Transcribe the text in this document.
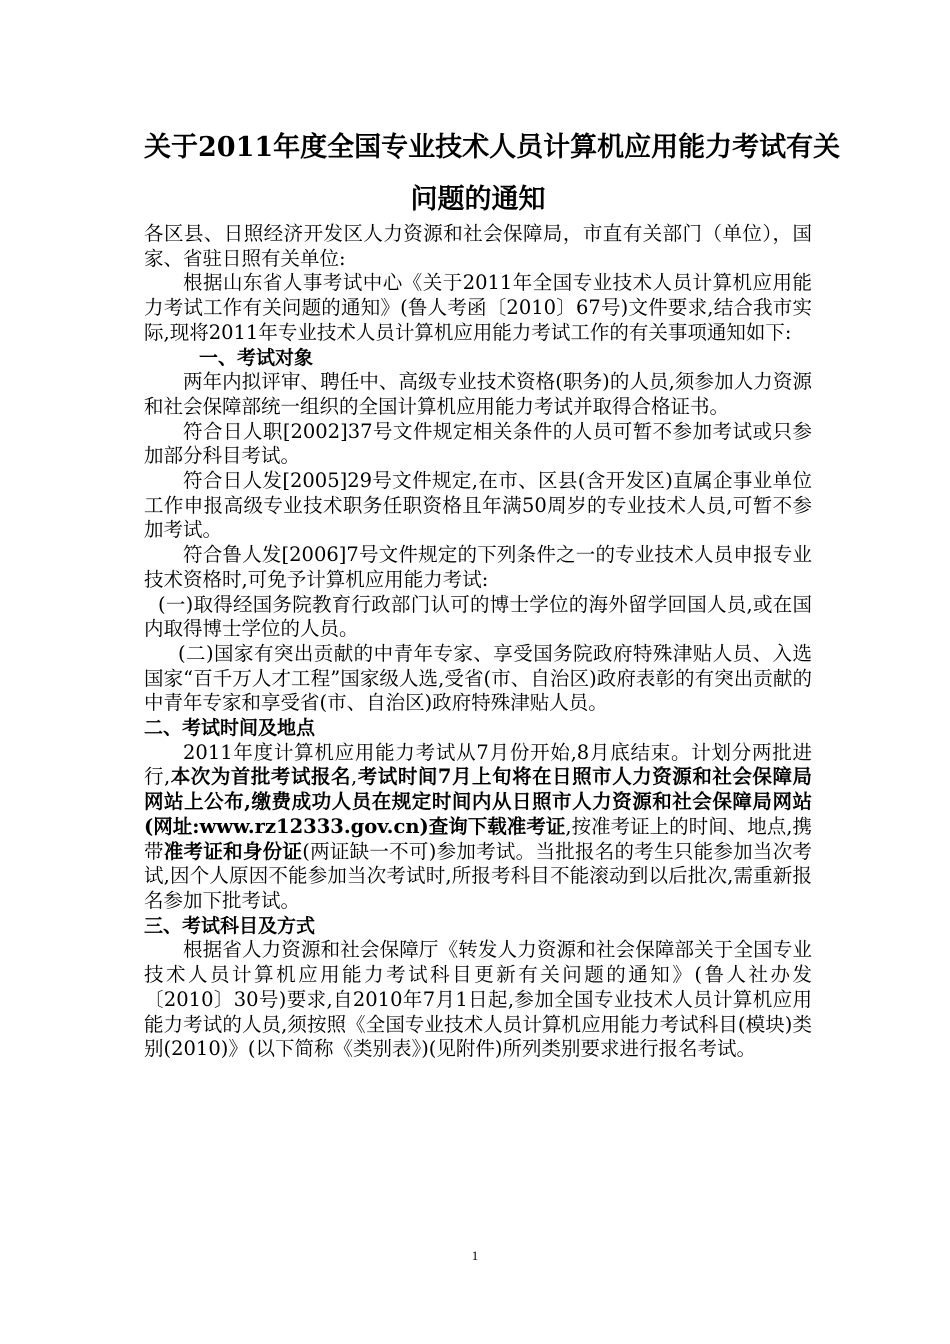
关于2011年度全国专业技术人员计算机应用能力考试有关
问题的通知

各区县、日照经济开发区人力资源和社会保障局，市直有关部门（单位），国家、省驻日照有关单位:

根据山东省人事考试中心《关于2011年全国专业技术人员计算机应用能力考试工作有关问题的通知》(鲁人考函〔2010〕67号)文件要求,结合我市实际,现将2011年专业技术人员计算机应用能力考试工作的有关事项通知如下:

一、考试对象

两年内拟评审、聘任中、高级专业技术资格(职务)的人员,须参加人力资源和社会保障部统一组织的全国计算机应用能力考试并取得合格证书。

符合日人职[2002]37号文件规定相关条件的人员可暂不参加考试或只参加部分科目考试。

符合日人发[2005]29号文件规定,在市、区县(含开发区)直属企事业单位工作申报高级专业技术职务任职资格且年满50周岁的专业技术人员,可暂不参加考试。

符合鲁人发[2006]7号文件规定的下列条件之一的专业技术人员申报专业技术资格时,可免予计算机应用能力考试:

(一)取得经国务院教育行政部门认可的博士学位的海外留学回国人员,或在国内取得博士学位的人员。

(二)国家有突出贡献的中青年专家、享受国务院政府特殊津贴人员、入选国家“百千万人才工程”国家级人选,受省(市、自治区)政府表彰的有突出贡献的中青年专家和享受省(市、自治区)政府特殊津贴人员。

二、考试时间及地点

2011年度计算机应用能力考试从7月份开始,8月底结束。计划分两批进行,本次为首批考试报名,考试时间7月上旬将在日照市人力资源和社会保障局网站上公布,缴费成功人员在规定时间内从日照市人力资源和社会保障局网站(网址:www.rz12333.gov.cn)查询下载准考证,按准考证上的时间、地点,携带准考证和身份证(两证缺一不可)参加考试。当批报名的考生只能参加当次考试,因个人原因不能参加当次考试时,所报考科目不能滚动到以后批次,需重新报名参加下批考试。

三、考试科目及方式

根据省人力资源和社会保障厅《转发人力资源和社会保障部关于全国专业技术人员计算机应用能力考试科目更新有关问题的通知》(鲁人社办发〔2010〕30号)要求,自2010年7月1日起,参加全国专业技术人员计算机应用能力考试的人员,须按照《全国专业技术人员计算机应用能力考试科目(模块)类别(2010)》(以下简称《类别表》)(见附件)所列类别要求进行报名考试。

1
